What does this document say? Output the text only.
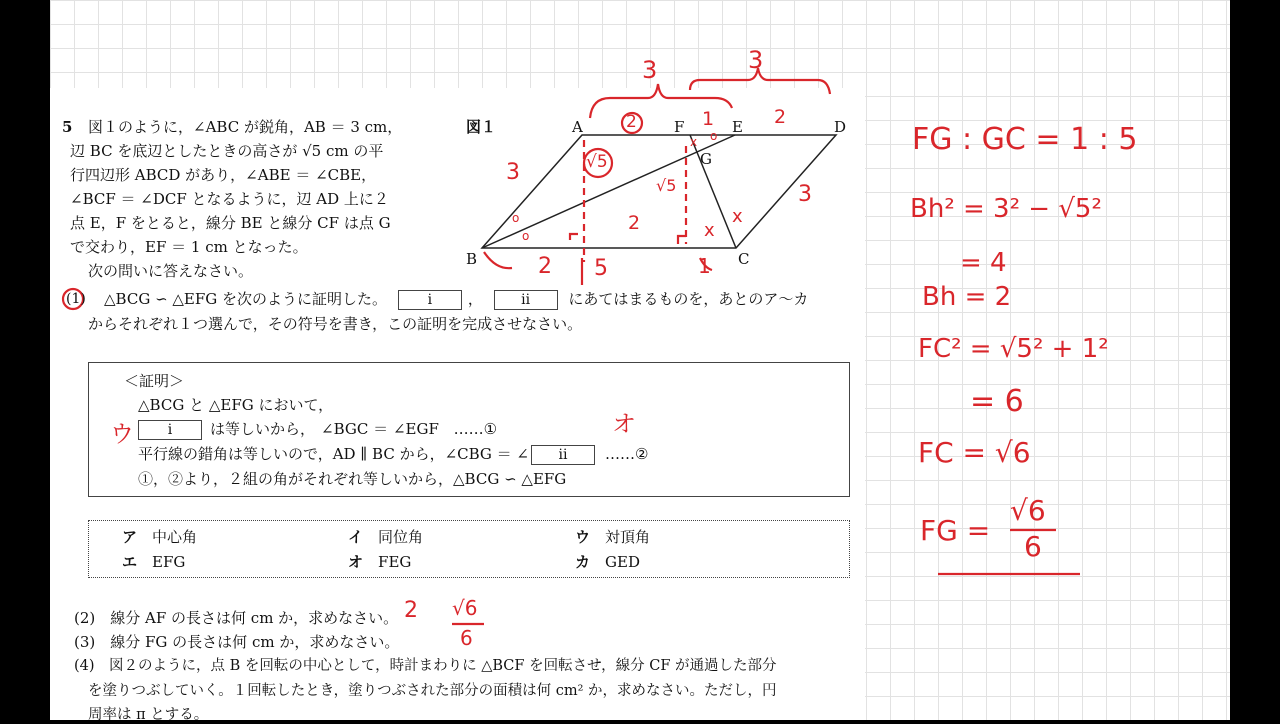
5 図１のように，∠ABC が鋭角，AB ＝ 3 cm，
辺 BC を底辺としたときの高さが √5 cm の平
行四辺形 ABCD があり，∠ABE ＝ ∠CBE，
∠BCF ＝ ∠DCF となるように，辺 AD 上に２
点 E，F をとると，線分 BE と線分 CF は点 G
で交わり，EF ＝ 1 cm となった。
次の問いに答えなさい。
図１
o
o
x o
x
x
A	F	E	D
G
B	C
3	3
2	1	2
3
3
√5
√5
2
2 5	1
(1) △BCG ∽ △EFG を次のように証明した。	i ，	ii	にあてはまるものを，あとのア～カ
からそれぞれ１つ選んで，その符号を書き，この証明を完成させなさい。
＜証明＞
△BCG と △EFG において，
i	は等しいから， ∠BGC ＝ ∠EGF ……①
平行線の錯角は等しいので，AD ∥ BC から，∠CBG ＝ ∠ ii	……②
①，②より，２組の角がそれぞれ等しいから，△BCG ∽ △EFG
ウ	オ
ア　 中心角	イ　 同位角	ウ　 対頂角
エ　 EFG	オ　 FEG	カ　 GED
(2)　線分 AF の長さは何 cm か，求めなさい。
(3)　線分 FG の長さは何 cm か，求めなさい。
(4)　図２のように，点 B を回転の中心として，時計まわりに △BCF を回転させ，線分 CF が通過した部分
を塗りつぶしていく。１回転したとき，塗りつぶされた部分の面積は何 cm² か，求めなさい。ただし，円
周率は π とする。
2 √6
6
FG : GC = 1 : 5
Bh² = 3² − √5²
= 4
Bh = 2
FC² = √5² + 1²
= 6
FC = √6
FG =
√6
6
